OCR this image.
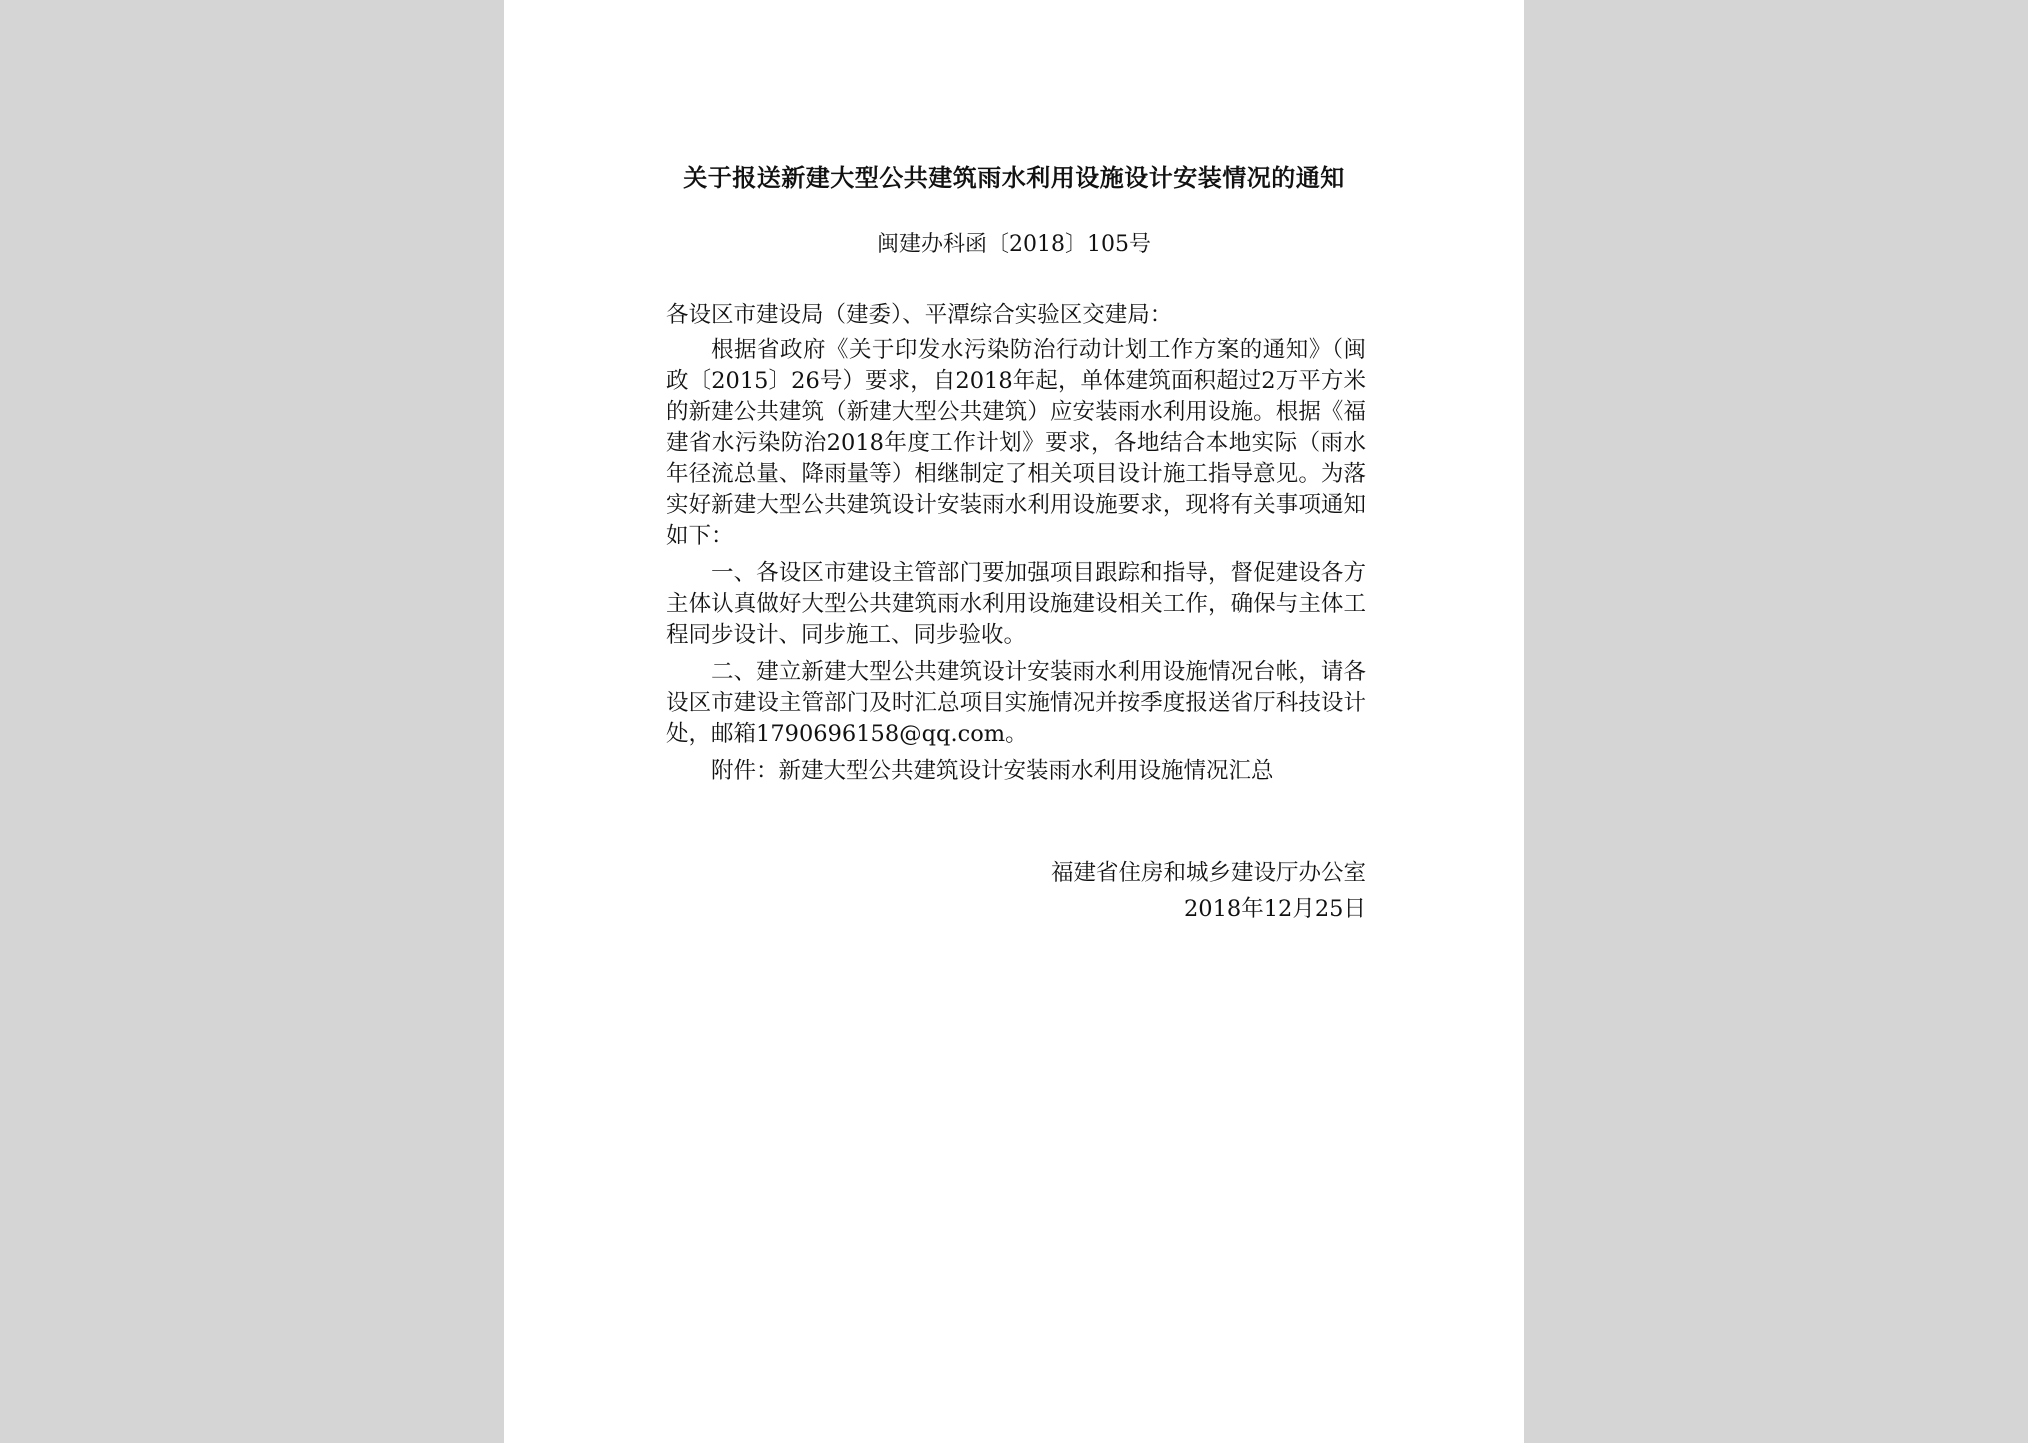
关于报送新建大型公共建筑雨水利用设施设计安装情况的通知
闽建办科函〔2018〕105号

各设区市建设局（建委）、平潭综合实验区交建局：

根据省政府《关于印发水污染防治行动计划工作方案的通知》（闽政〔2015〕26号）要求，自2018年起，单体建筑面积超过2万平方米的新建公共建筑（新建大型公共建筑）应安装雨水利用设施。根据《福建省水污染防治2018年度工作计划》要求，各地结合本地实际（雨水年径流总量、降雨量等）相继制定了相关项目设计施工指导意见。为落实好新建大型公共建筑设计安装雨水利用设施要求，现将有关事项通知如下：

一、各设区市建设主管部门要加强项目跟踪和指导，督促建设各方主体认真做好大型公共建筑雨水利用设施建设相关工作，确保与主体工程同步设计、同步施工、同步验收。

二、建立新建大型公共建筑设计安装雨水利用设施情况台帐，请各设区市建设主管部门及时汇总项目实施情况并按季度报送省厅科技设计处，邮箱1790696158@qq.com。

附件：新建大型公共建筑设计安装雨水利用设施情况汇总

福建省住房和城乡建设厅办公室
2018年12月25日
